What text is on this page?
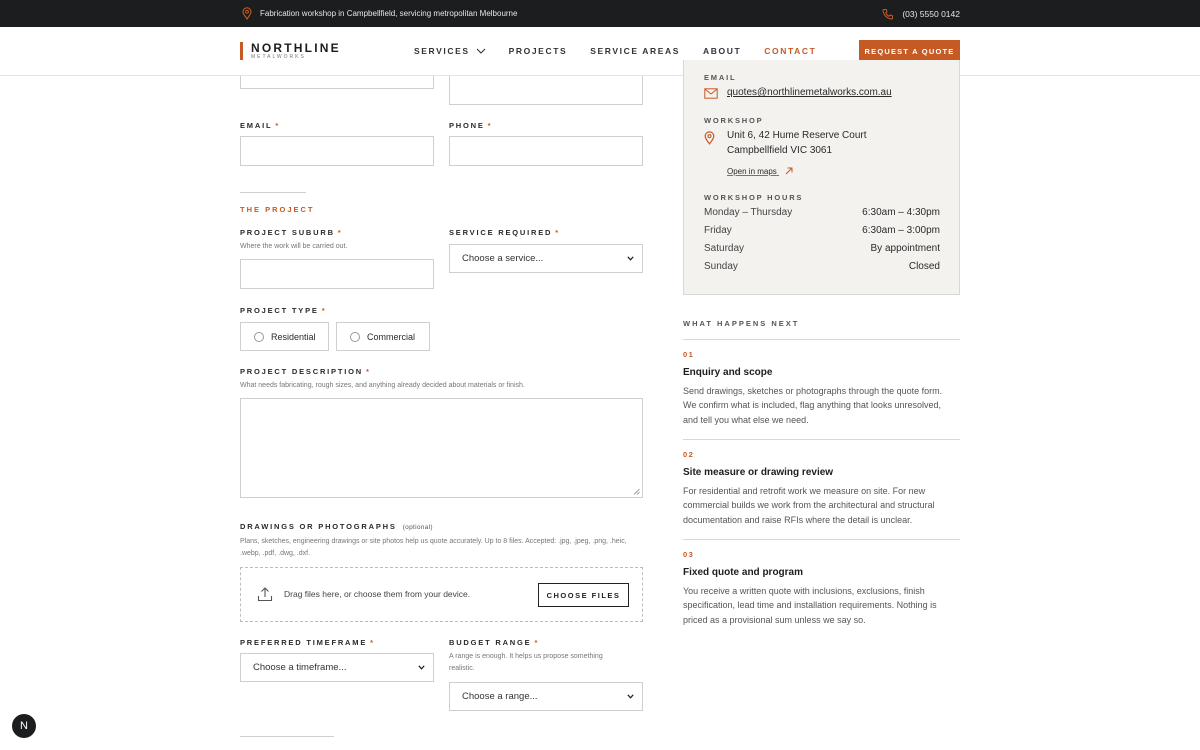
Fabrication workshop in Campbellfield, servicing metropolitan Melbourne	(03) 5550 0142
NORTHLINE
METALWORKS
SERVICES	PROJECTS	SERVICE AREAS	ABOUT	CONTACT	REQUEST A QUOTE
EMAIL *	PHONE *
THE PROJECT
PROJECT SUBURB *
Where the work will be carried out.
SERVICE REQUIRED *
Choose a service...
PROJECT TYPE *
Residential	Commercial
PROJECT DESCRIPTION *
What needs fabricating, rough sizes, and anything already decided about materials or finish.
DRAWINGS OR PHOTOGRAPHS (optional)
Plans, sketches, engineering drawings or site photos help us quote accurately. Up to 8 files. Accepted: .jpg, .jpeg, .png, .heic, .webp, .pdf, .dwg, .dxf.
Drag files here, or choose them from your device.	CHOOSE FILES
PREFERRED TIMEFRAME *
Choose a timeframe...
BUDGET RANGE *
A range is enough. It helps us propose something realistic.
Choose a range...
EMAIL
quotes@northlinemetalworks.com.au
WORKSHOP
Unit 6, 42 Hume Reserve Court
Campbellfield VIC 3061
Open in maps
WORKSHOP HOURS
Monday – Thursday	6:30am – 4:30pm
Friday	6:30am – 3:00pm
Saturday	By appointment
Sunday	Closed
WHAT HAPPENS NEXT
01
Enquiry and scope
Send drawings, sketches or photographs through the quote form. We confirm what is included, flag anything that looks unresolved, and tell you what else we need.
02
Site measure or drawing review
For residential and retrofit work we measure on site. For new commercial builds we work from the architectural and structural documentation and raise RFIs where the detail is unclear.
03
Fixed quote and program
You receive a written quote with inclusions, exclusions, finish specification, lead time and installation requirements. Nothing is priced as a provisional sum unless we say so.
N
